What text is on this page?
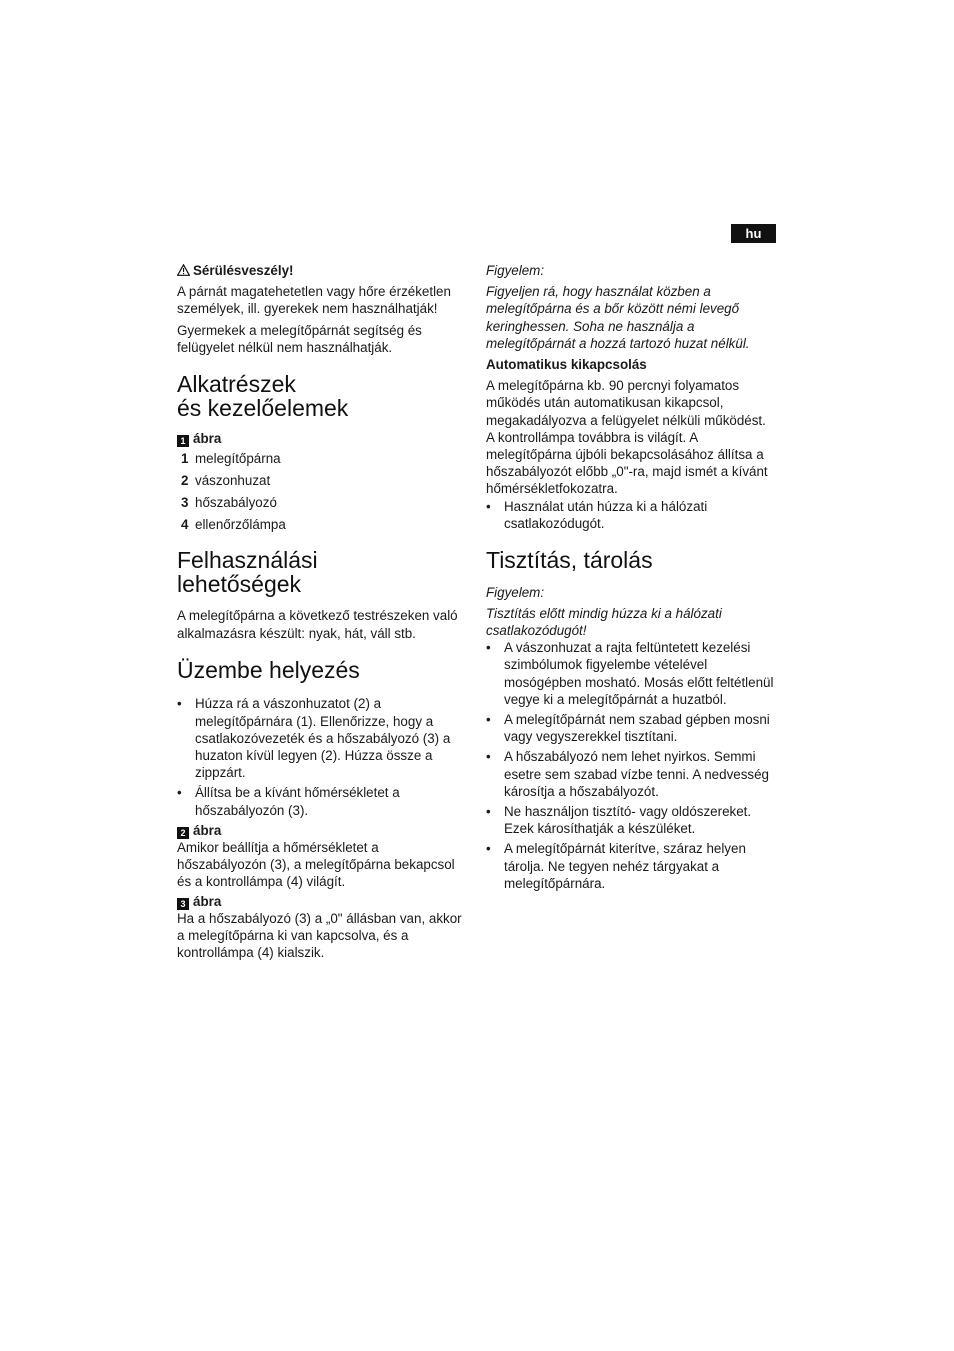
hu

Sérülésveszély!

A párnát magatehetetlen vagy hőre érzéketlen személyek, ill. gyerekek nem használhatják!

Gyermekek a melegítőpárnát segítség és felügyelet nélkül nem használhatják.

Alkatrészek
és kezelőelemek

1 ábra

1 melegítőpárna
2 vászonhuzat
3 hőszabályozó
4 ellenőrzőlámpa
Felhasználási
lehetőségek

A melegítőpárna a következő testrészeken való alkalmazásra készült: nyak, hát, váll stb.

Üzembe helyezés
• Húzza rá a vászonhuzatot (2) a melegítőpárnára (1). Ellenőrizze, hogy a csatlakozóvezeték és a hőszabályozó (3) a huzaton kívül legyen (2). Húzza össze a zippzárt.
• Állítsa be a kívánt hőmérsékletet a hőszabályozón (3).

2 ábra

Amikor beállítja a hőmérsékletet a hőszabályozón (3), a melegítőpárna bekapcsol és a kontrollámpa (4) világít.

3 ábra

Ha a hőszabályozó (3) a „0" állásban van, akkor a melegítőpárna ki van kapcsolva, és a kontrollámpa (4) kialszik.

Figyelem:

Figyeljen rá, hogy használat közben a melegítőpárna és a bőr között némi levegő keringhessen. Soha ne használja a melegítőpárnát a hozzá tartozó huzat nélkül.

Automatikus kikapcsolás

A melegítőpárna kb. 90 percnyi folyamatos működés után automatikusan kikapcsol, megakadályozva a felügyelet nélküli működést. A kontrollámpa továbbra is világít. A melegítőpárna újbóli bekapcsolásához állítsa a hőszabályozót előbb „0"-ra, majd ismét a kívánt hőmérsékletfokozatra.

• Használat után húzza ki a hálózati csatlakozódugót.
Tisztítás, tárolás

Figyelem:

Tisztítás előtt mindig húzza ki a hálózati csatlakozódugót!

• A vászonhuzat a rajta feltüntetett kezelési szimbólumok figyelembe vételével mosógépben mosható. Mosás előtt feltétlenül vegye ki a melegítőpárnát a huzatból.
• A melegítőpárnát nem szabad gépben mosni vagy vegyszerekkel tisztítani.
• A hőszabályozó nem lehet nyirkos. Semmi esetre sem szabad vízbe tenni. A nedvesség károsítja a hőszabályozót.
• Ne használjon tisztító- vagy oldószereket. Ezek károsíthatják a készüléket.
• A melegítőpárnát kiterítve, száraz helyen tárolja. Ne tegyen nehéz tárgyakat a melegítőpárnára.
